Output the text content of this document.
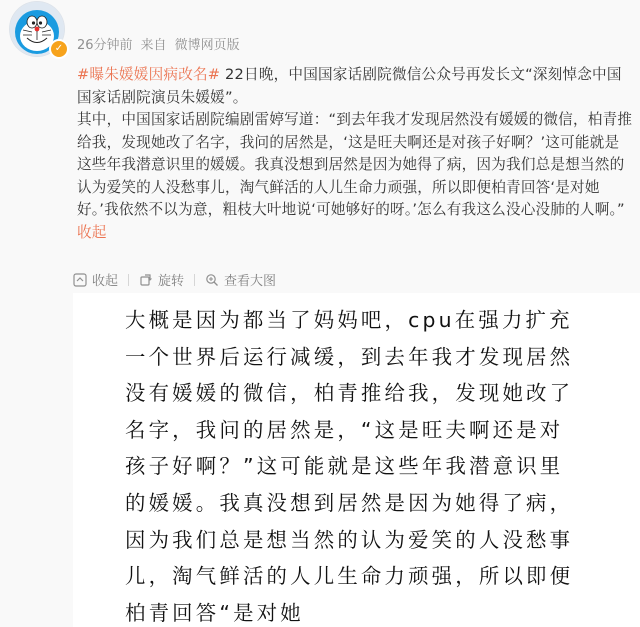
✓	26分钟前 来自 微博网页版
#曝朱媛媛因病改名# 22日晚，中国国家话剧院微信公众号再发长文“深刻悼念中国国家话剧院演员朱媛媛”。
其中，中国国家话剧院编剧雷婷写道：“到去年我才发现居然没有媛媛的微信，柏青推给我，发现她改了名字，我问的居然是，‘这是旺夫啊还是对孩子好啊？’这可能就是这些年我潜意识里的媛媛。我真没想到居然是因为她得了病，因为我们总是想当然的认为爱笑的人没愁事儿，淘气鲜活的人儿生命力顽强，所以即便柏青回答‘是对她好。’我依然不以为意，粗枝大叶地说‘可她够好的呀。’怎么有我这么没心没肺的人啊。” 收起
收起	旋转	查看大图
大概是因为都当了妈妈吧，cpu在强力扩充一个世界后运行减缓，到去年我才发现居然没有媛媛的微信，柏青推给我，发现她改了名字，我问的居然是，“这是旺夫啊还是对孩子好啊？”这可能就是这些年我潜意识里的媛媛。我真没想到居然是因为她得了病，因为我们总是想当然的认为爱笑的人没愁事儿，淘气鲜活的人儿生命力顽强，所以即便柏青回答“是对她
